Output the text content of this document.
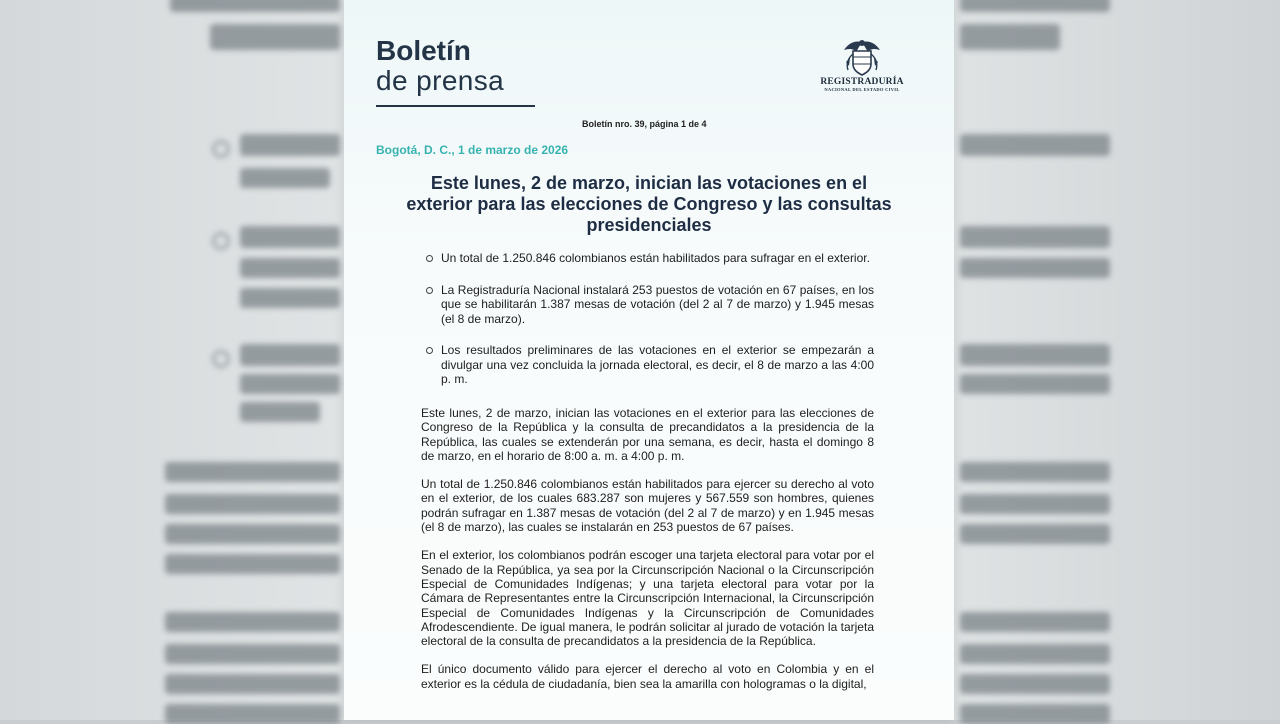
Boletín
de prensa	REGISTRADURÍA
NACIONAL DEL ESTADO CIVIL
Boletín nro. 39, página 1 de 4
Bogotá, D. C., 1 de marzo de 2026
Este lunes, 2 de marzo, inician las votaciones en el exterior para las elecciones de Congreso y las consultas presidenciales
Un total de 1.250.846 colombianos están habilitados para sufragar en el exterior.
La Registraduría Nacional instalará 253 puestos de votación en 67 países, en los que se habilitarán 1.387 mesas de votación (del 2 al 7 de marzo) y 1.945 mesas (el 8 de marzo).
Los resultados preliminares de las votaciones en el exterior se empezarán a divulgar una vez concluida la jornada electoral, es decir, el 8 de marzo a las 4:00 p. m.

Este lunes, 2 de marzo, inician las votaciones en el exterior para las elecciones de Congreso de la República y la consulta de precandidatos a la presidencia de la República, las cuales se extenderán por una semana, es decir, hasta el domingo 8 de marzo, en el horario de 8:00 a. m. a 4:00 p. m.

Un total de 1.250.846 colombianos están habilitados para ejercer su derecho al voto en el exterior, de los cuales 683.287 son mujeres y 567.559 son hombres, quienes podrán sufragar en 1.387 mesas de votación (del 2 al 7 de marzo) y en 1.945 mesas (el 8 de marzo), las cuales se instalarán en 253 puestos de 67 países.

En el exterior, los colombianos podrán escoger una tarjeta electoral para votar por el Senado de la República, ya sea por la Circunscripción Nacional o la Circunscripción Especial de Comunidades Indígenas; y una tarjeta electoral para votar por la Cámara de Representantes entre la Circunscripción Internacional, la Circunscripción Especial de Comunidades Indígenas y la Circunscripción de Comunidades Afrodescendiente. De igual manera, le podrán solicitar al jurado de votación la tarjeta electoral de la consulta de precandidatos a la presidencia de la República.

El único documento válido para ejercer el derecho al voto en Colombia y en el exterior es la cédula de ciudadanía, bien sea la amarilla con hologramas o la digital,
